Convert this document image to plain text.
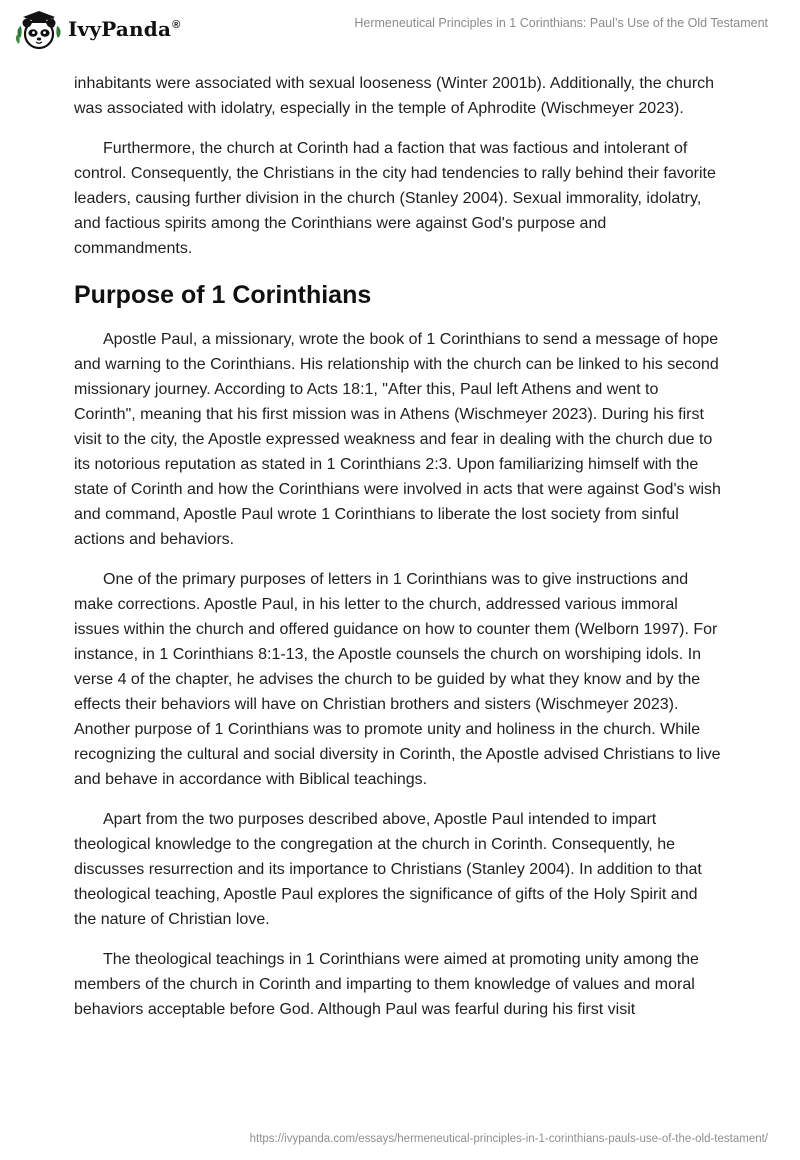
IvyPanda®	Hermeneutical Principles in 1 Corinthians: Paul’s Use of the Old Testament

inhabitants were associated with sexual looseness (Winter 2001b). Additionally, the church was associated with idolatry, especially in the temple of Aphrodite (Wischmeyer 2023).

Furthermore, the church at Corinth had a faction that was factious and intolerant of control. Consequently, the Christians in the city had tendencies to rally behind their favorite leaders, causing further division in the church (Stanley 2004). Sexual immorality, idolatry, and factious spirits among the Corinthians were against God's purpose and commandments.

Purpose of 1 Corinthians

Apostle Paul, a missionary, wrote the book of 1 Corinthians to send a message of hope and warning to the Corinthians. His relationship with the church can be linked to his second missionary journey. According to Acts 18:1, "After this, Paul left Athens and went to Corinth", meaning that his first mission was in Athens (Wischmeyer 2023). During his first visit to the city, the Apostle expressed weakness and fear in dealing with the church due to its notorious reputation as stated in 1 Corinthians 2:3. Upon familiarizing himself with the state of Corinth and how the Corinthians were involved in acts that were against God's wish and command, Apostle Paul wrote 1 Corinthians to liberate the lost society from sinful actions and behaviors.

One of the primary purposes of letters in 1 Corinthians was to give instructions and make corrections. Apostle Paul, in his letter to the church, addressed various immoral issues within the church and offered guidance on how to counter them (Welborn 1997). For instance, in 1 Corinthians 8:1-13, the Apostle counsels the church on worshiping idols. In verse 4 of the chapter, he advises the church to be guided by what they know and by the effects their behaviors will have on Christian brothers and sisters (Wischmeyer 2023). Another purpose of 1 Corinthians was to promote unity and holiness in the church. While recognizing the cultural and social diversity in Corinth, the Apostle advised Christians to live and behave in accordance with Biblical teachings.

Apart from the two purposes described above, Apostle Paul intended to impart theological knowledge to the congregation at the church in Corinth. Consequently, he discusses resurrection and its importance to Christians (Stanley 2004). In addition to that theological teaching, Apostle Paul explores the significance of gifts of the Holy Spirit and the nature of Christian love.

The theological teachings in 1 Corinthians were aimed at promoting unity among the members of the church in Corinth and imparting to them knowledge of values and moral behaviors acceptable before God. Although Paul was fearful during his first visit

https://ivypanda.com/essays/hermeneutical-principles-in-1-corinthians-pauls-use-of-the-old-testament/
